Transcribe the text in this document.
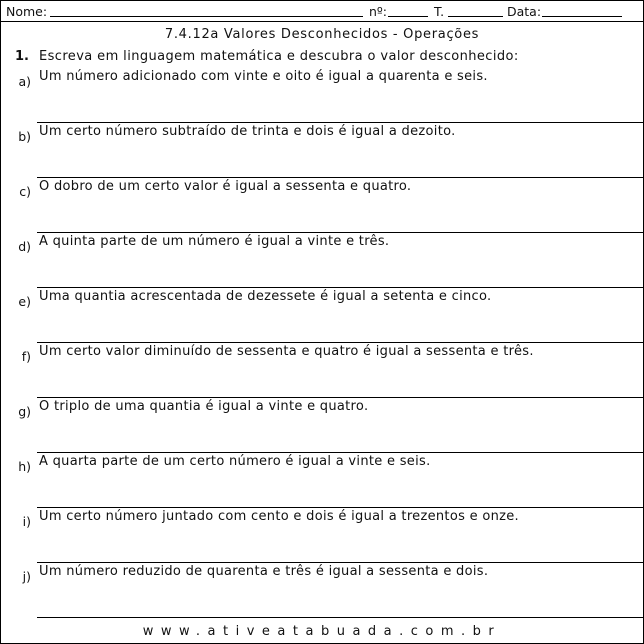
Nome:	nº:	T.	Data:
7.4.12a Valores Desconhecidos - Operações
1. Escreva em linguagem matemática e descubra o valor desconhecido:
a) Um número adicionado com vinte e oito é igual a quarenta e seis.
b) Um certo número subtraído de trinta e dois é igual a dezoito.
c) O dobro de um certo valor é igual a sessenta e quatro.
d) A quinta parte de um número é igual a vinte e três.
e) Uma quantia acrescentada de dezessete é igual a setenta e cinco.
f) Um certo valor diminuído de sessenta e quatro é igual a sessenta e três.
g) O triplo de uma quantia é igual a vinte e quatro.
h) A quarta parte de um certo número é igual a vinte e seis.
i) Um certo número juntado com cento e dois é igual a trezentos e onze.
j) Um número reduzido de quarenta e três é igual a sessenta e dois.
www.ativeatabuada.com.br
